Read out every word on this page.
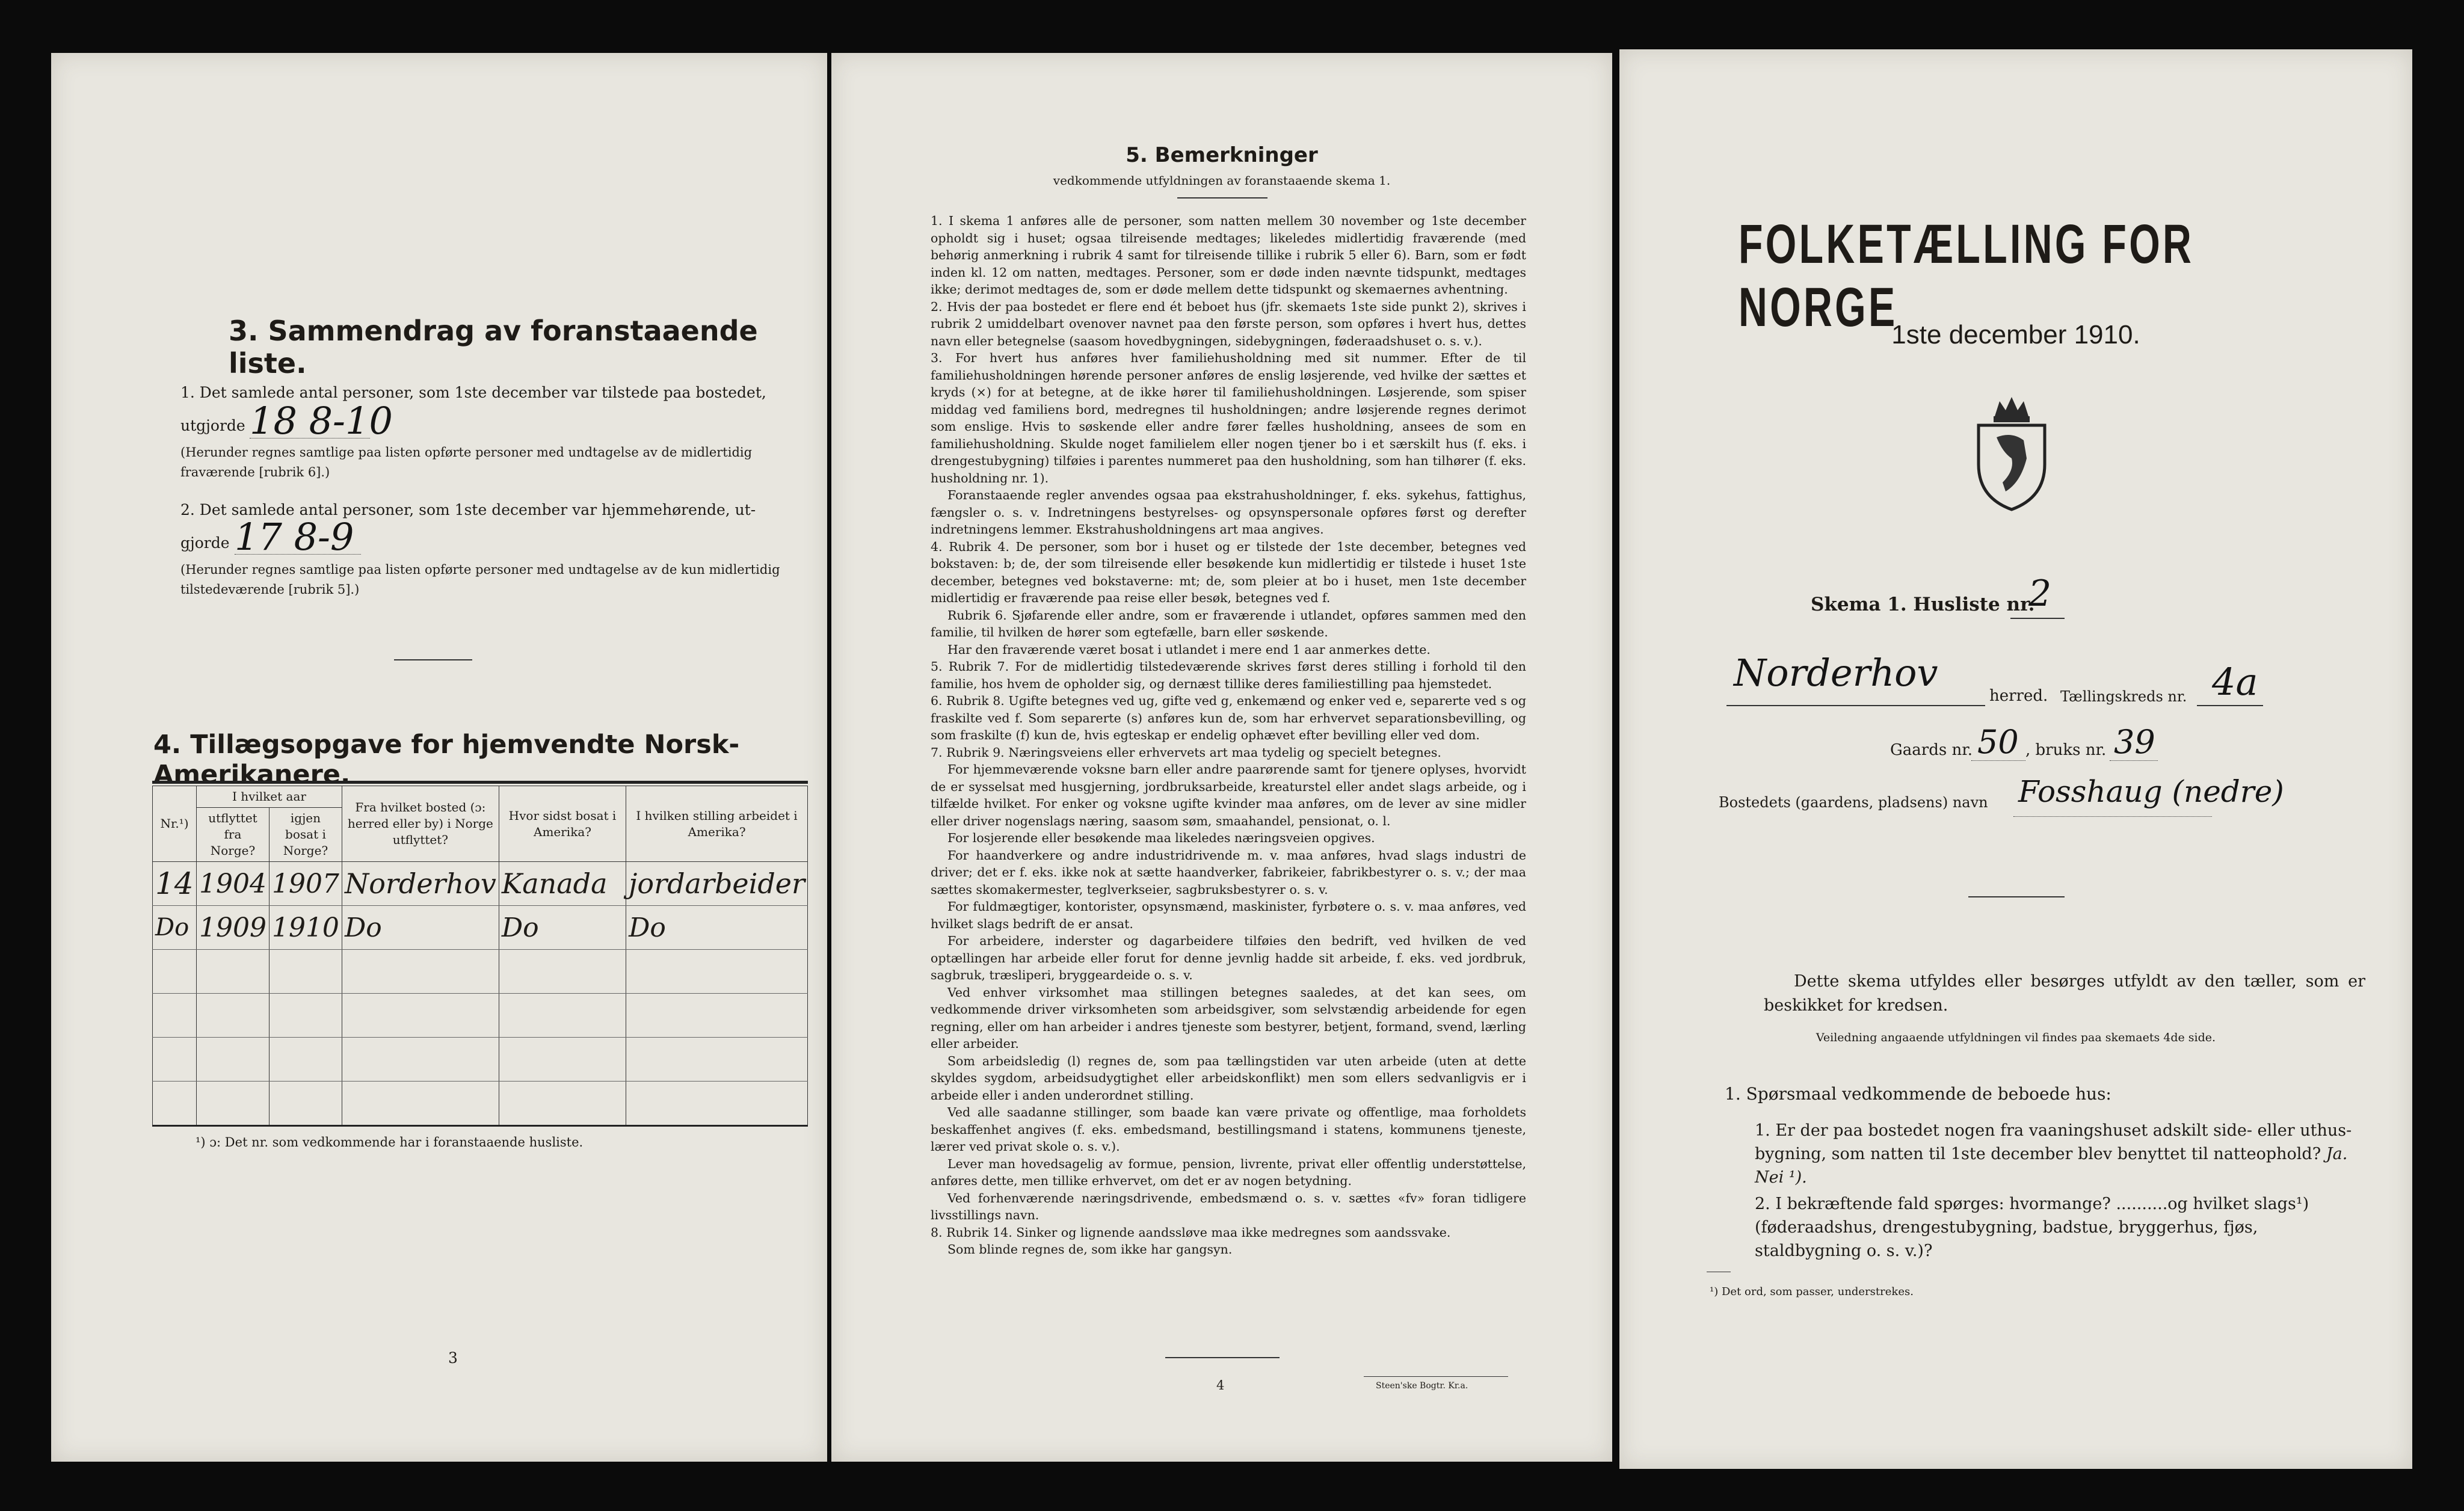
3. Sammendrag av foranstaaende liste.
1. Det samlede antal personer, som 1ste december var tilstede paa bostedet,
utgjorde 18 8-10
(Herunder regnes samtlige paa listen opførte personer med undtagelse av de midlertidig fraværende [rubrik 6].)
2. Det samlede antal personer, som 1ste december var hjemmehørende, ut-
gjorde 17 8-9
(Herunder regnes samtlige paa listen opførte personer med undtagelse av de kun midlertidig tilstedeværende [rubrik 5].)
4. Tillægsopgave for hjemvendte Norsk-Amerikanere.
Nr.¹)	I hvilket aar		Fra hvilket bosted (ɔ: herred eller by) i Norge utflyttet?	Hvor sidst bosat i Amerika?	I hvilken stilling arbeidet i Amerika?
	utflyttet fra Norge?	igjen bosat i Norge?			
14	1904	1907	Norderhov	Kanada	jordarbeider
Do	1909	1910	Do	Do	Do

¹) ɔ: Det nr. som vedkommende har i foranstaaende husliste.
3
5. Bemerkninger
vedkommende utfyldningen av foranstaaende skema 1.

1. I skema 1 anføres alle de personer, som natten mellem 30 november og 1ste december opholdt sig i huset; ogsaa tilreisende medtages; likeledes midlertidig fraværende (med behørig anmerkning i rubrik 4 samt for tilreisende tillike i rubrik 5 eller 6). Barn, som er født inden kl. 12 om natten, medtages. Personer, som er døde inden nævnte tidspunkt, medtages ikke; derimot medtages de, som er døde mellem dette tidspunkt og skemaernes avhentning.

2. Hvis der paa bostedet er flere end ét beboet hus (jfr. skemaets 1ste side punkt 2), skrives i rubrik 2 umiddelbart ovenover navnet paa den første person, som opføres i hvert hus, dettes navn eller betegnelse (saasom hovedbygningen, sidebygningen, føderaadshuset o. s. v.).

3. For hvert hus anføres hver familiehusholdning med sit nummer. Efter de til familiehusholdningen hørende personer anføres de enslig løsjerende, ved hvilke der sættes et kryds (×) for at betegne, at de ikke hører til familiehusholdningen. Løsjerende, som spiser middag ved familiens bord, medregnes til husholdningen; andre løsjerende regnes derimot som enslige. Hvis to søskende eller andre fører fælles husholdning, ansees de som en familiehusholdning. Skulde noget familielem eller nogen tjener bo i et særskilt hus (f. eks. i drengestubygning) tilføies i parentes nummeret paa den husholdning, som han tilhører (f. eks. husholdning nr. 1).

Foranstaaende regler anvendes ogsaa paa ekstrahusholdninger, f. eks. sykehus, fattighus, fængsler o. s. v. Indretningens bestyrelses- og opsynspersonale opføres først og derefter indretningens lemmer. Ekstrahusholdningens art maa angives.

4. Rubrik 4. De personer, som bor i huset og er tilstede der 1ste december, betegnes ved bokstaven: b; de, der som tilreisende eller besøkende kun midlertidig er tilstede i huset 1ste december, betegnes ved bokstaverne: mt; de, som pleier at bo i huset, men 1ste december midlertidig er fraværende paa reise eller besøk, betegnes ved f.

Rubrik 6. Sjøfarende eller andre, som er fraværende i utlandet, opføres sammen med den familie, til hvilken de hører som egtefælle, barn eller søskende.

Har den fraværende været bosat i utlandet i mere end 1 aar anmerkes dette.

5. Rubrik 7. For de midlertidig tilstedeværende skrives først deres stilling i forhold til den familie, hos hvem de opholder sig, og dernæst tillike deres familiestilling paa hjemstedet.

6. Rubrik 8. Ugifte betegnes ved ug, gifte ved g, enkemænd og enker ved e, separerte ved s og fraskilte ved f. Som separerte (s) anføres kun de, som har erhvervet separationsbevilling, og som fraskilte (f) kun de, hvis egteskap er endelig ophævet efter bevilling eller ved dom.

7. Rubrik 9. Næringsveiens eller erhvervets art maa tydelig og specielt betegnes.

For hjemmeværende voksne barn eller andre paarørende samt for tjenere oplyses, hvorvidt de er sysselsat med husgjerning, jordbruksarbeide, kreaturstel eller andet slags arbeide, og i tilfælde hvilket. For enker og voksne ugifte kvinder maa anføres, om de lever av sine midler eller driver nogenslags næring, saasom søm, smaahandel, pensionat, o. l.

For losjerende eller besøkende maa likeledes næringsveien opgives.

For haandverkere og andre industridrivende m. v. maa anføres, hvad slags industri de driver; det er f. eks. ikke nok at sætte haandverker, fabrikeier, fabrikbestyrer o. s. v.; der maa sættes skomakermester, teglverkseier, sagbruksbestyrer o. s. v.

For fuldmægtiger, kontorister, opsynsmænd, maskinister, fyrbøtere o. s. v. maa anføres, ved hvilket slags bedrift de er ansat.

For arbeidere, inderster og dagarbeidere tilføies den bedrift, ved hvilken de ved optællingen har arbeide eller forut for denne jevnlig hadde sit arbeide, f. eks. ved jordbruk, sagbruk, træsliperi, bryggeardeide o. s. v.

Ved enhver virksomhet maa stillingen betegnes saaledes, at det kan sees, om vedkommende driver virksomheten som arbeidsgiver, som selvstændig arbeidende for egen regning, eller om han arbeider i andres tjeneste som bestyrer, betjent, formand, svend, lærling eller arbeider.

Som arbeidsledig (l) regnes de, som paa tællingstiden var uten arbeide (uten at dette skyldes sygdom, arbeidsudygtighet eller arbeidskonflikt) men som ellers sedvanligvis er i arbeide eller i anden underordnet stilling.

Ved alle saadanne stillinger, som baade kan være private og offentlige, maa forholdets beskaffenhet angives (f. eks. embedsmand, bestillingsmand i statens, kommunens tjeneste, lærer ved privat skole o. s. v.).

Lever man hovedsagelig av formue, pension, livrente, privat eller offentlig understøttelse, anføres dette, men tillike erhvervet, om det er av nogen betydning.

Ved forhenværende næringsdrivende, embedsmænd o. s. v. sættes «fv» foran tidligere livsstillings navn.

8. Rubrik 14. Sinker og lignende aandssløve maa ikke medregnes som aandssvake.

Som blinde regnes de, som ikke har gangsyn.

4	Steen'ske Bogtr. Kr.a.
FOLKETÆLLING FOR NORGE
1ste december 1910.
Skema 1. Husliste nr.
2
Norderhov
herred. Tællingskreds nr. 4a
Gaards nr. 50 , bruks nr. 39
Bostedets (gaardens, pladsens) navn Fosshaug (nedre)
Dette skema utfyldes eller besørges utfyldt av den tæller, som er beskikket for kredsen.
Veiledning angaaende utfyldningen vil findes paa skemaets 4de side.
1. Spørsmaal vedkommende de beboede hus:
1. Er der paa bostedet nogen fra vaaningshuset adskilt side- eller uthus-bygning, som natten til 1ste december blev benyttet til natteophold? Ja. Nei ¹).
2. I bekræftende fald spørges: hvormange? ..........og hvilket slags¹) (føderaadshus, drengestubygning, badstue, bryggerhus, fjøs, staldbygning o. s. v.)?
¹) Det ord, som passer, understrekes.
